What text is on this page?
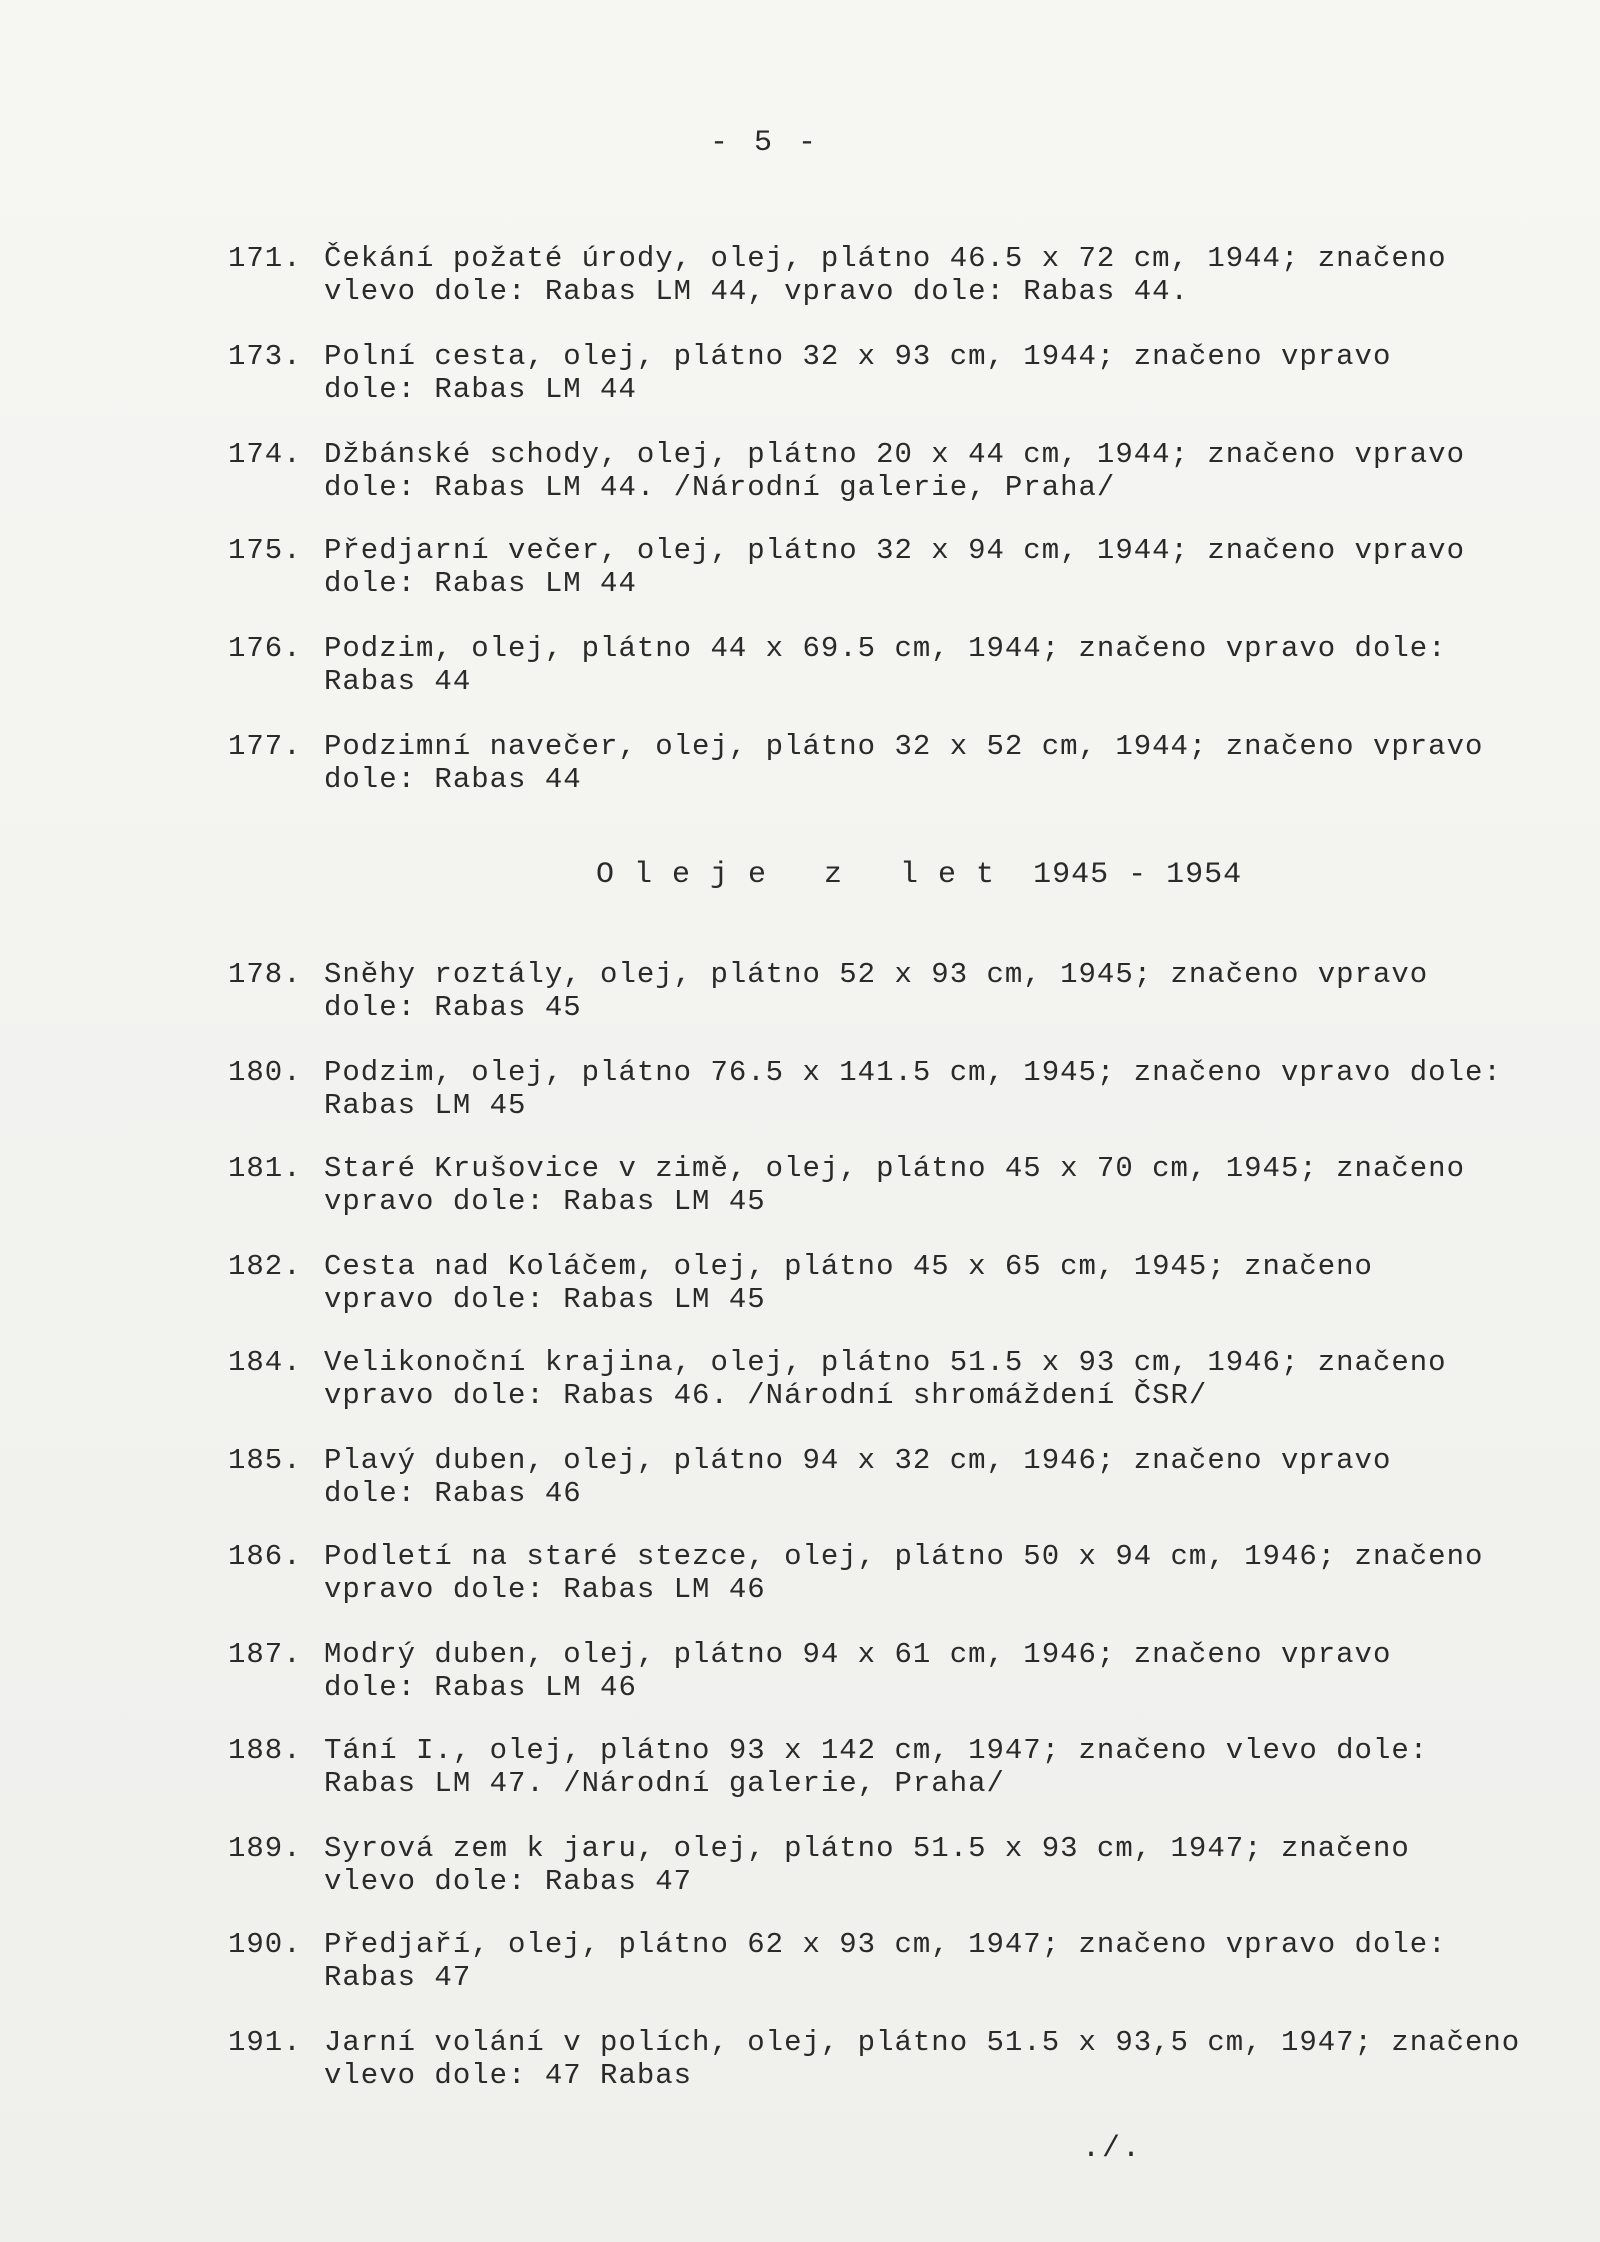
- 5 -
171. Čekání požaté úrody, olej, plátno 46.5 x 72 cm, 1944; značeno
vlevo dole: Rabas LM 44, vpravo dole: Rabas 44.
173. Polní cesta, olej, plátno 32 x 93 cm, 1944; značeno vpravo
dole: Rabas LM 44
174. Džbánské schody, olej, plátno 20 x 44 cm, 1944; značeno vpravo
dole: Rabas LM 44. /Národní galerie, Praha/
175. Předjarní večer, olej, plátno 32 x 94 cm, 1944; značeno vpravo
dole: Rabas LM 44
176. Podzim, olej, plátno 44 x 69.5 cm, 1944; značeno vpravo dole:
Rabas 44
177. Podzimní navečer, olej, plátno 32 x 52 cm, 1944; značeno vpravo
dole: Rabas 44
O l e j e   z   l e t  1945 - 1954
178. Sněhy roztály, olej, plátno 52 x 93 cm, 1945; značeno vpravo
dole: Rabas 45
180. Podzim, olej, plátno 76.5 x 141.5 cm, 1945; značeno vpravo dole:
Rabas LM 45
181. Staré Krušovice v zimě, olej, plátno 45 x 70 cm, 1945; značeno
vpravo dole: Rabas LM 45
182. Cesta nad Koláčem, olej, plátno 45 x 65 cm, 1945; značeno
vpravo dole: Rabas LM 45
184. Velikonoční krajina, olej, plátno 51.5 x 93 cm, 1946; značeno
vpravo dole: Rabas 46. /Národní shromáždení ČSR/
185. Plavý duben, olej, plátno 94 x 32 cm, 1946; značeno vpravo
dole: Rabas 46
186. Podletí na staré stezce, olej, plátno 50 x 94 cm, 1946; značeno
vpravo dole: Rabas LM 46
187. Modrý duben, olej, plátno 94 x 61 cm, 1946; značeno vpravo
dole: Rabas LM 46
188. Tání I., olej, plátno 93 x 142 cm, 1947; značeno vlevo dole:
Rabas LM 47. /Národní galerie, Praha/
189. Syrová zem k jaru, olej, plátno 51.5 x 93 cm, 1947; značeno
vlevo dole: Rabas 47
190. Předjaří, olej, plátno 62 x 93 cm, 1947; značeno vpravo dole:
Rabas 47
191. Jarní volání v polích, olej, plátno 51.5 x 93,5 cm, 1947; značeno
vlevo dole: 47 Rabas
./.
